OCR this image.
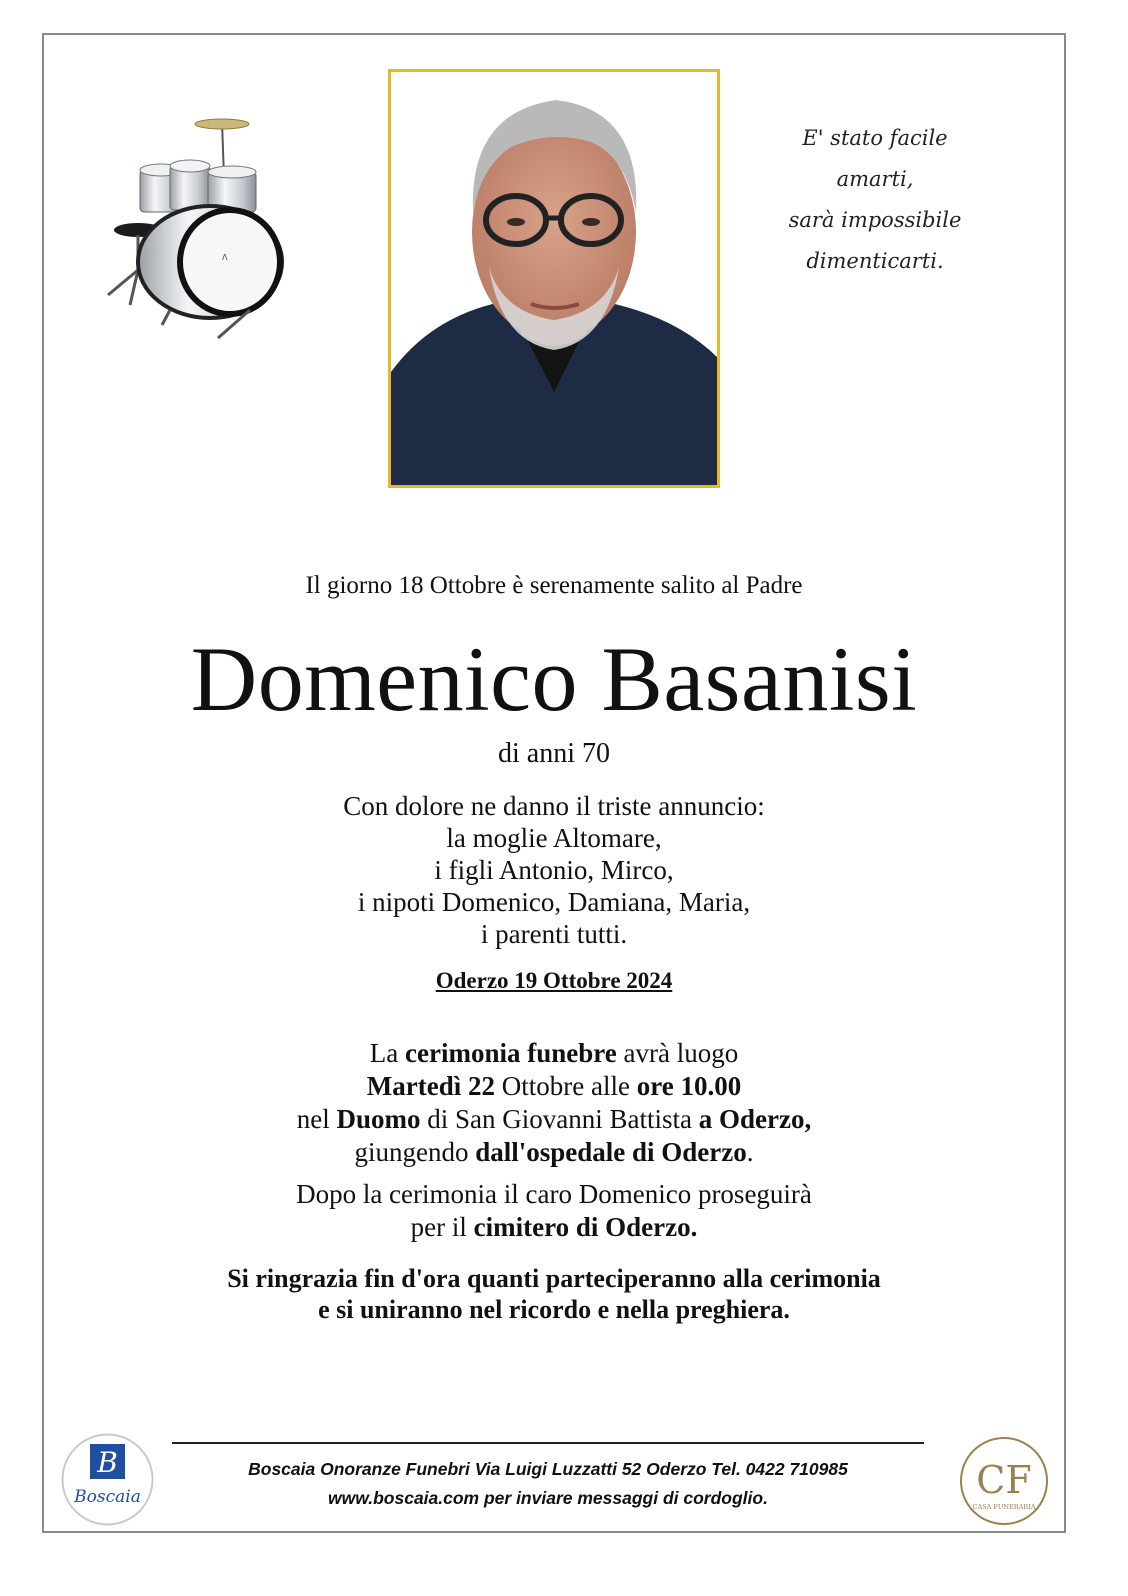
Λ
E' stato facile
amarti,
sarà impossibile
dimenticarti.
Il giorno 18 Ottobre è serenamente salito al Padre
Domenico Basanisi
di anni 70
Con dolore ne danno il triste annuncio:
la moglie Altomare,
i figli Antonio, Mirco,
i nipoti Domenico, Damiana, Maria,
i parenti tutti.
Oderzo 19 Ottobre 2024
La cerimonia funebre avrà luogo
Martedì 22 Ottobre alle ore 10.00
nel Duomo di San Giovanni Battista a Oderzo,
giungendo dall'ospedale di Oderzo.
Dopo la cerimonia il caro Domenico proseguirà
per il cimitero di Oderzo.
Si ringrazia fin d'ora quanti parteciperanno alla cerimonia
e si uniranno nel ricordo e nella preghiera.
Boscaia Onoranze Funebri Via Luigi Luzzatti 52 Oderzo Tel. 0422 710985
www.boscaia.com per inviare messaggi di cordoglio.
B
Boscaia	CF
CASA FUNERARIA
